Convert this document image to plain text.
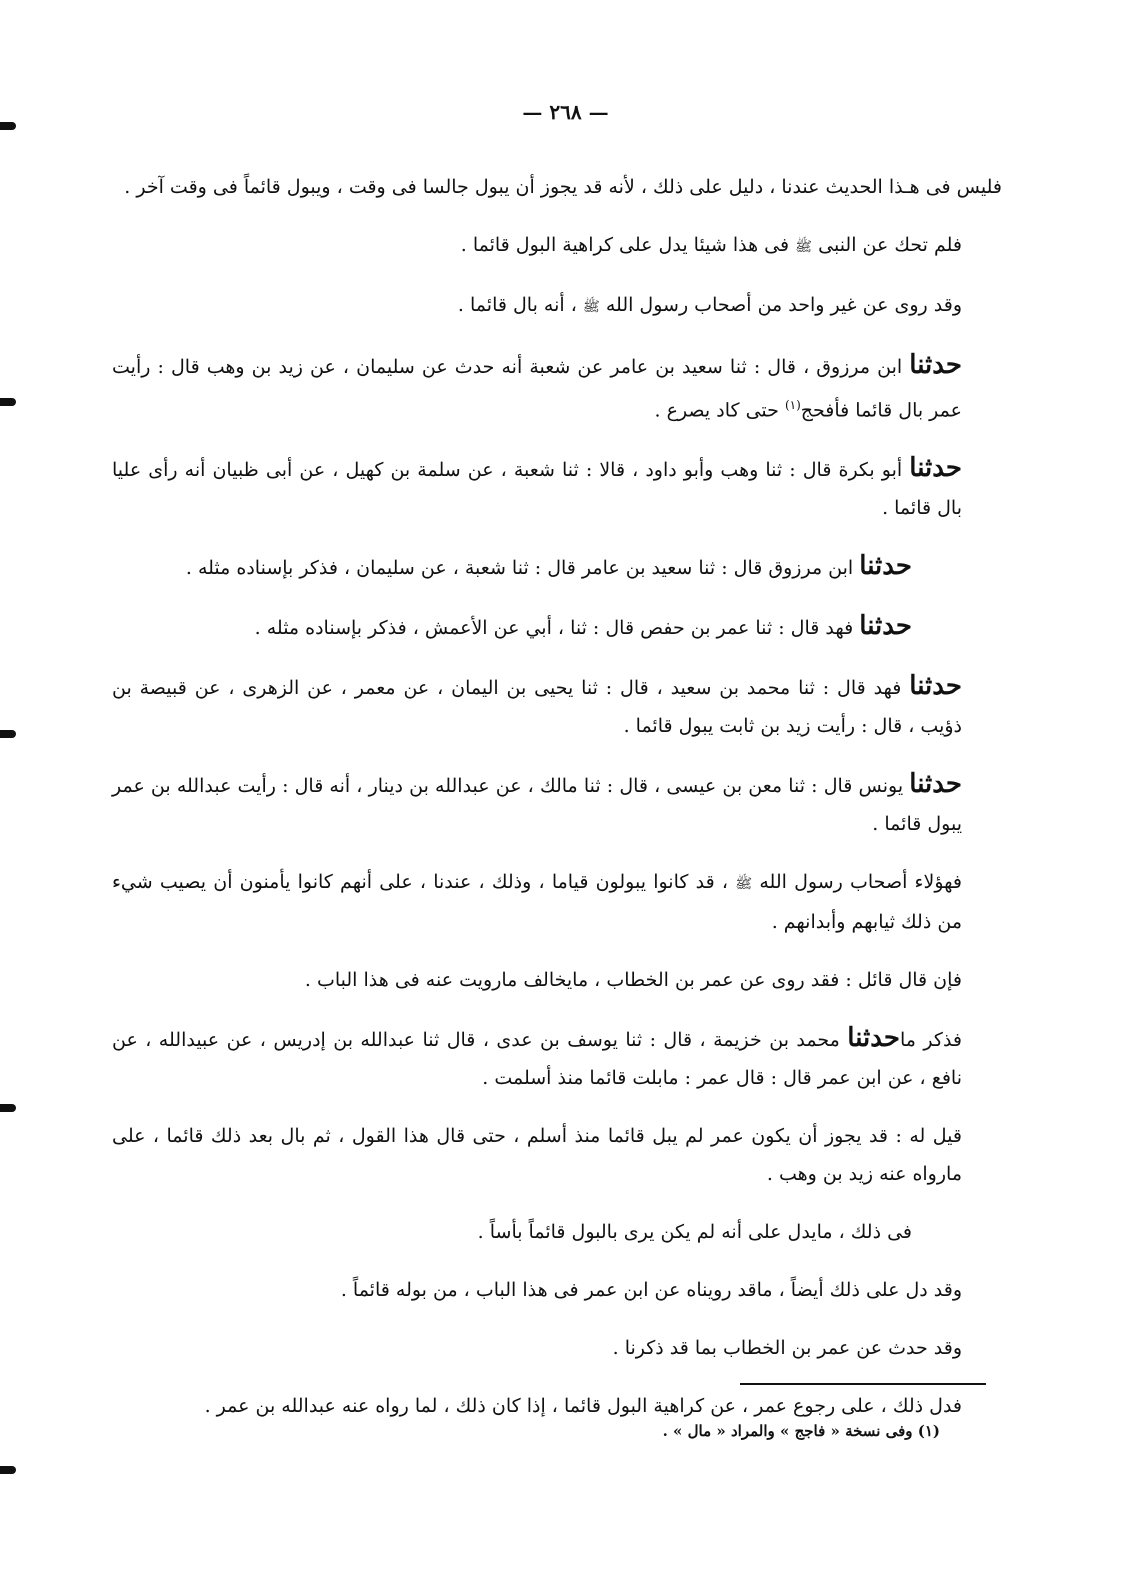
— ٢٦٨ —

فليس فى هـذا الحديث عندنا ، دليل على ذلك ، لأنه قد يجوز أن يبول جالسا فى وقت ، ويبول قائماً فى وقت آخر .

فلم تحك عن النبى ﷺ فى هذا شيئا يدل على كراهية البول قائما .

وقد روى عن غير واحد من أصحاب رسول الله ﷺ ، أنه بال قائما .

حدثنا ابن مرزوق ، قال : ثنا سعيد بن عامر عن شعبة أنه حدث عن سليمان ، عن زيد بن وهب قال : رأيت عمر بال قائما فأفحج$^{(١)}$ حتى كاد يصرع .

حدثنا أبو بكرة قال : ثنا وهب وأبو داود ، قالا : ثنا شعبة ، عن سلمة بن كهيل ، عن أبى ظبيان أنه رأى عليا بال قائما .

حدثنا ابن مرزوق قال : ثنا سعيد بن عامر قال : ثنا شعبة ، عن سليمان ، فذكر بإسناده مثله .

حدثنا فهد قال : ثنا عمر بن حفص قال : ثنا ، أبي عن الأعمش ، فذكر بإسناده مثله .

حدثنا فهد قال : ثنا محمد بن سعيد ، قال : ثنا يحيى بن اليمان ، عن معمر ، عن الزهرى ، عن قبيصة بن ذؤيب ، قال : رأيت زيد بن ثابت يبول قائما .

حدثنا يونس قال : ثنا معن بن عيسى ، قال : ثنا مالك ، عن عبدالله بن دينار ، أنه قال : رأيت عبدالله بن عمر يبول قائما .

فهؤلاء أصحاب رسول الله ﷺ ، قد كانوا يبولون قياما ، وذلك ، عندنا ، على أنهم كانوا يأمنون أن يصيب شيء من ذلك ثيابهم وأبدانهم .

فإن قال قائل : فقد روى عن عمر بن الخطاب ، مايخالف مارويت عنه فى هذا الباب .

فذكر ماحدثنا محمد بن خزيمة ، قال : ثنا يوسف بن عدى ، قال ثنا عبدالله بن إدريس ، عن عبيدالله ، عن نافع ، عن ابن عمر قال : قال عمر : مابلت قائما منذ أسلمت .

قيل له : قد يجوز أن يكون عمر لم يبل قائما منذ أسلم ، حتى قال هذا القول ، ثم بال بعد ذلك قائما ، على مارواه عنه زيد بن وهب .

فى ذلك ، مايدل على أنه لم يكن يرى بالبول قائماً بأساً .

وقد دل على ذلك أيضاً ، ماقد رويناه عن ابن عمر فى هذا الباب ، من بوله قائماً .

وقد حدث عن عمر بن الخطاب بما قد ذكرنا .

فدل ذلك ، على رجوع عمر ، عن كراهية البول قائما ، إذا كان ذلك ، لما رواه عنه عبدالله بن عمر .

(١) وفى نسخة « فاجج » والمراد « مال » .
